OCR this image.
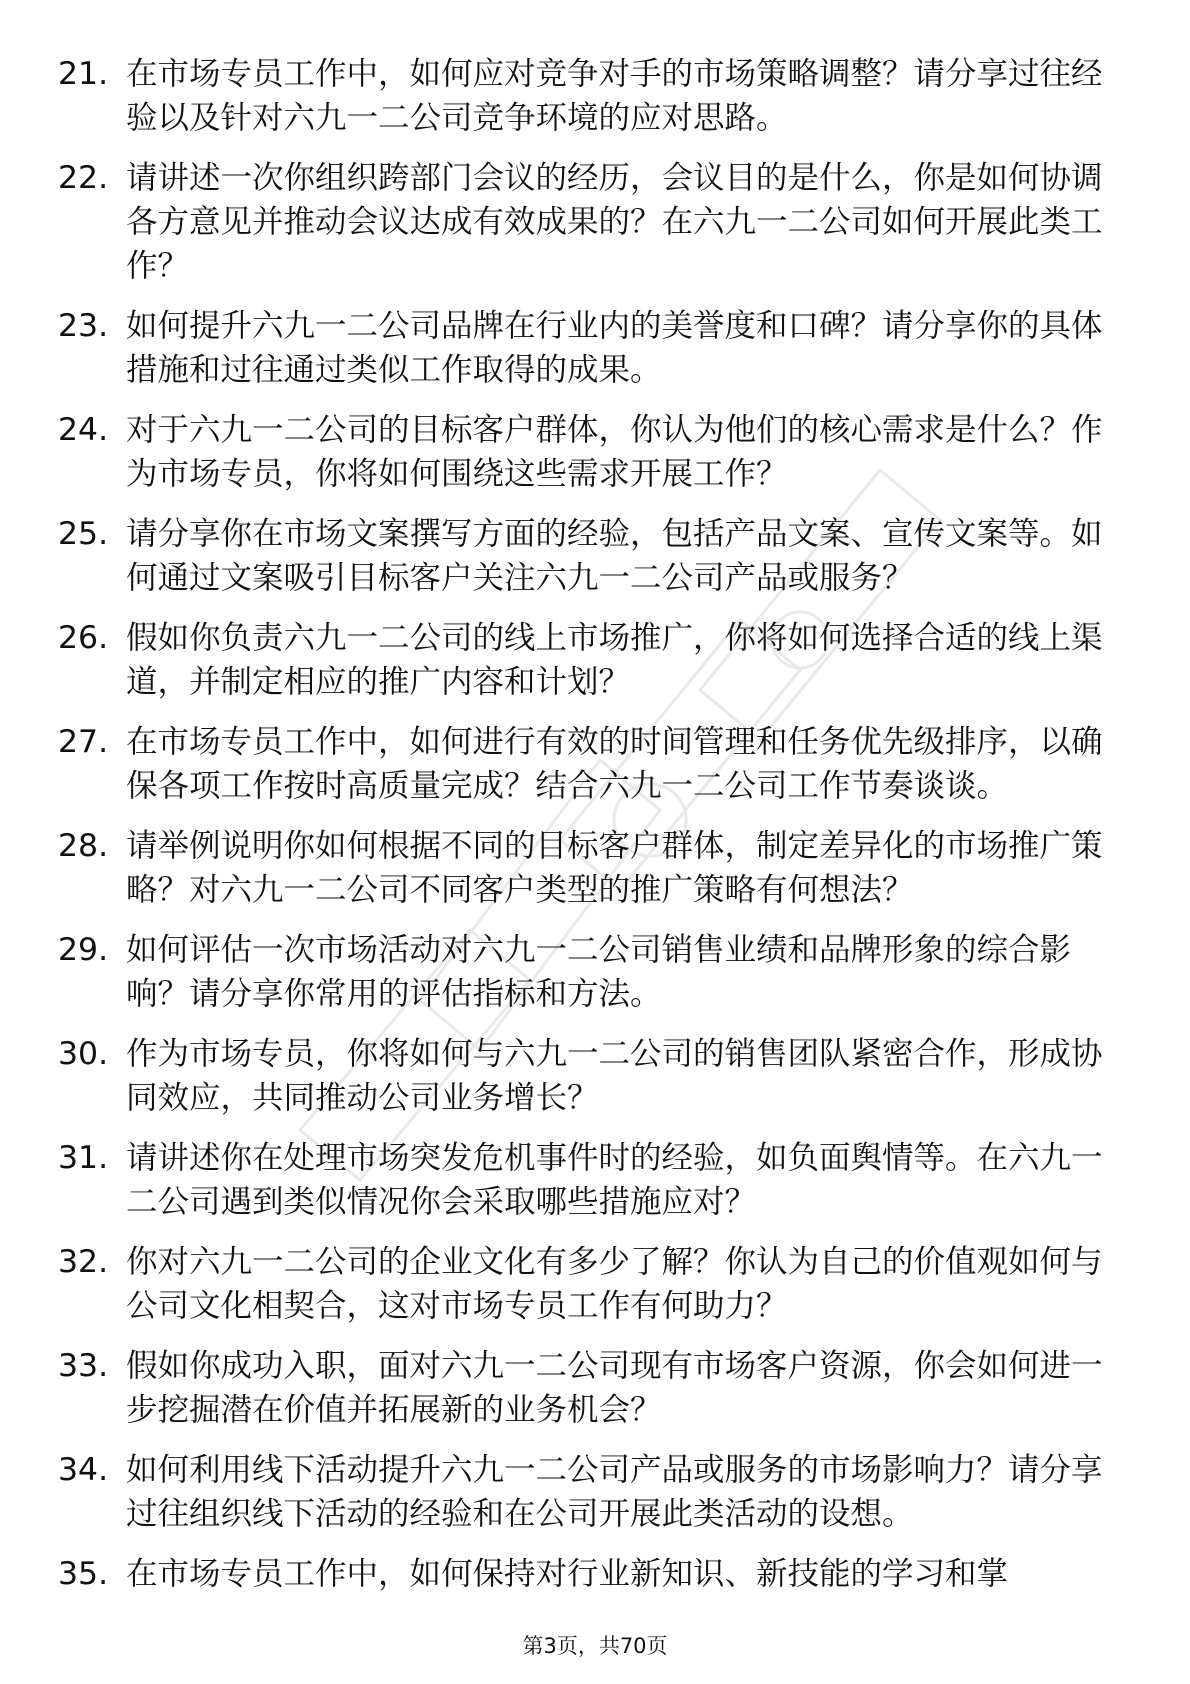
21. 在市场专员工作中，如何应对竞争对手的市场策略调整？请分享过往经验以及针对六九一二公司竞争环境的应对思路。
22. 请讲述一次你组织跨部门会议的经历，会议目的是什么，你是如何协调各方意见并推动会议达成有效成果的？在六九一二公司如何开展此类工作？
23. 如何提升六九一二公司品牌在行业内的美誉度和口碑？请分享你的具体措施和过往通过类似工作取得的成果。
24. 对于六九一二公司的目标客户群体，你认为他们的核心需求是什么？作为市场专员，你将如何围绕这些需求开展工作？
25. 请分享你在市场文案撰写方面的经验，包括产品文案、宣传文案等。如何通过文案吸引目标客户关注六九一二公司产品或服务？
26. 假如你负责六九一二公司的线上市场推广，你将如何选择合适的线上渠道，并制定相应的推广内容和计划？
27. 在市场专员工作中，如何进行有效的时间管理和任务优先级排序，以确保各项工作按时高质量完成？结合六九一二公司工作节奏谈谈。
28. 请举例说明你如何根据不同的目标客户群体，制定差异化的市场推广策略？对六九一二公司不同客户类型的推广策略有何想法？
29. 如何评估一次市场活动对六九一二公司销售业绩和品牌形象的综合影响？请分享你常用的评估指标和方法。
30. 作为市场专员，你将如何与六九一二公司的销售团队紧密合作，形成协同效应，共同推动公司业务增长？
31. 请讲述你在处理市场突发危机事件时的经验，如负面舆情等。在六九一二公司遇到类似情况你会采取哪些措施应对？
32. 你对六九一二公司的企业文化有多少了解？你认为自己的价值观如何与公司文化相契合，这对市场专员工作有何助力？
33. 假如你成功入职，面对六九一二公司现有市场客户资源，你会如何进一步挖掘潜在价值并拓展新的业务机会？
34. 如何利用线下活动提升六九一二公司产品或服务的市场影响力？请分享过往组织线下活动的经验和在公司开展此类活动的设想。
35. 在市场专员工作中，如何保持对行业新知识、新技能的学习和掌
第3页，共70页
